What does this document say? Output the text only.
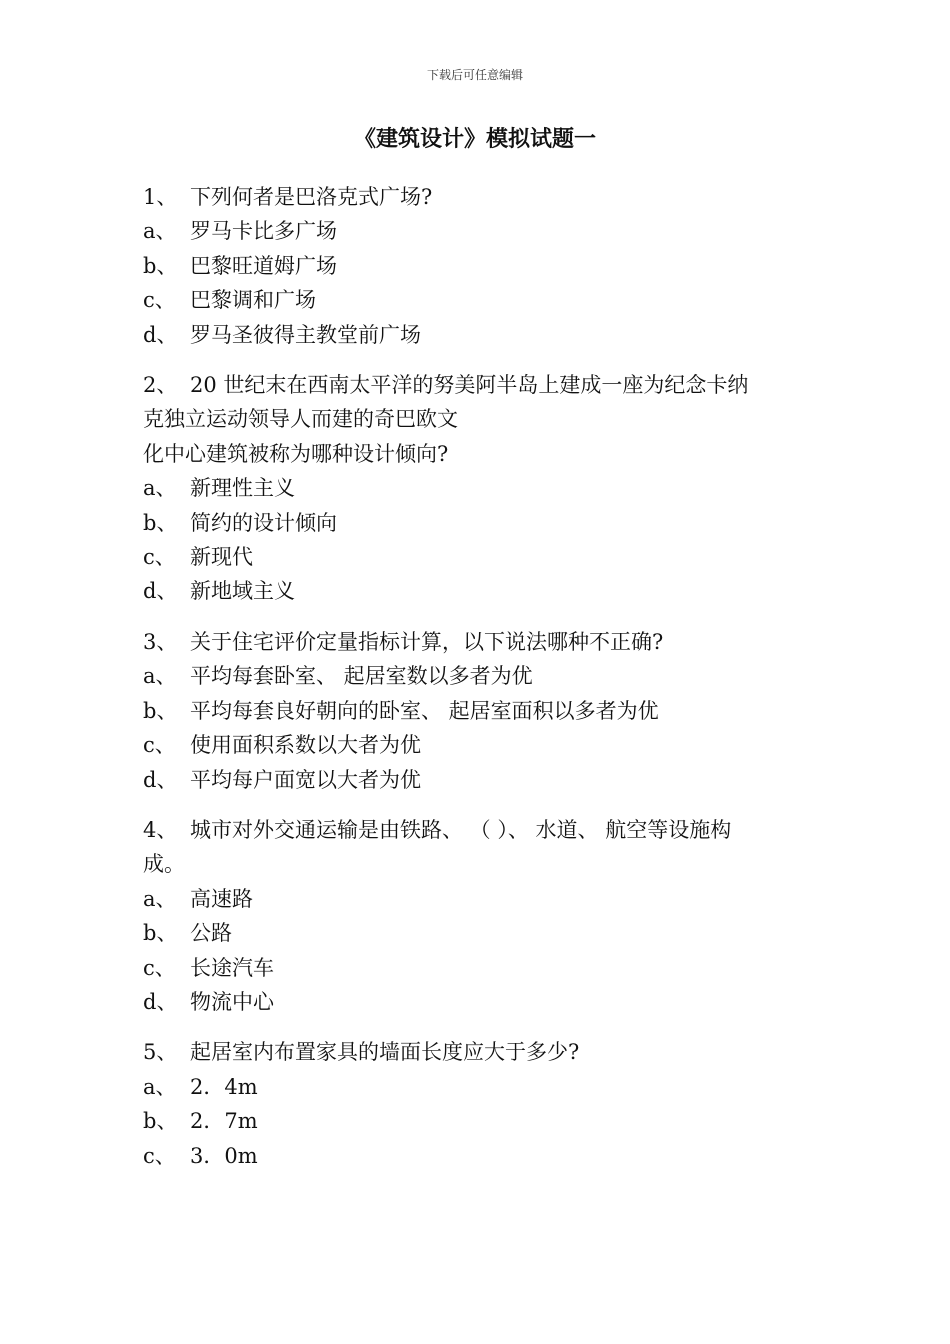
下载后可任意编辑
《建筑设计》模拟试题一
1、 下列何者是巴洛克式广场?
a、 罗马卡比多广场
b、 巴黎旺道姆广场
c、 巴黎调和广场
d、 罗马圣彼得主教堂前广场
2、 20 世纪末在西南太平洋的努美阿半岛上建成一座为纪念卡纳
克独立运动领导人而建的奇巴欧文
化中心建筑被称为哪种设计倾向?
a、 新理性主义
b、 简约的设计倾向
c、 新现代
d、 新地域主义
3、 关于住宅评价定量指标计算，以下说法哪种不正确?
a、 平均每套卧室、 起居室数以多者为优
b、 平均每套良好朝向的卧室、 起居室面积以多者为优
c、 使用面积系数以大者为优
d、 平均每户面宽以大者为优
4、 城市对外交通运输是由铁路、 （ ）、 水道、 航空等设施构
成。
a、 高速路
b、 公路
c、 长途汽车
d、 物流中心
5、 起居室内布置家具的墙面长度应大于多少?
a、 2．4m
b、 2．7m
c、 3．0m
